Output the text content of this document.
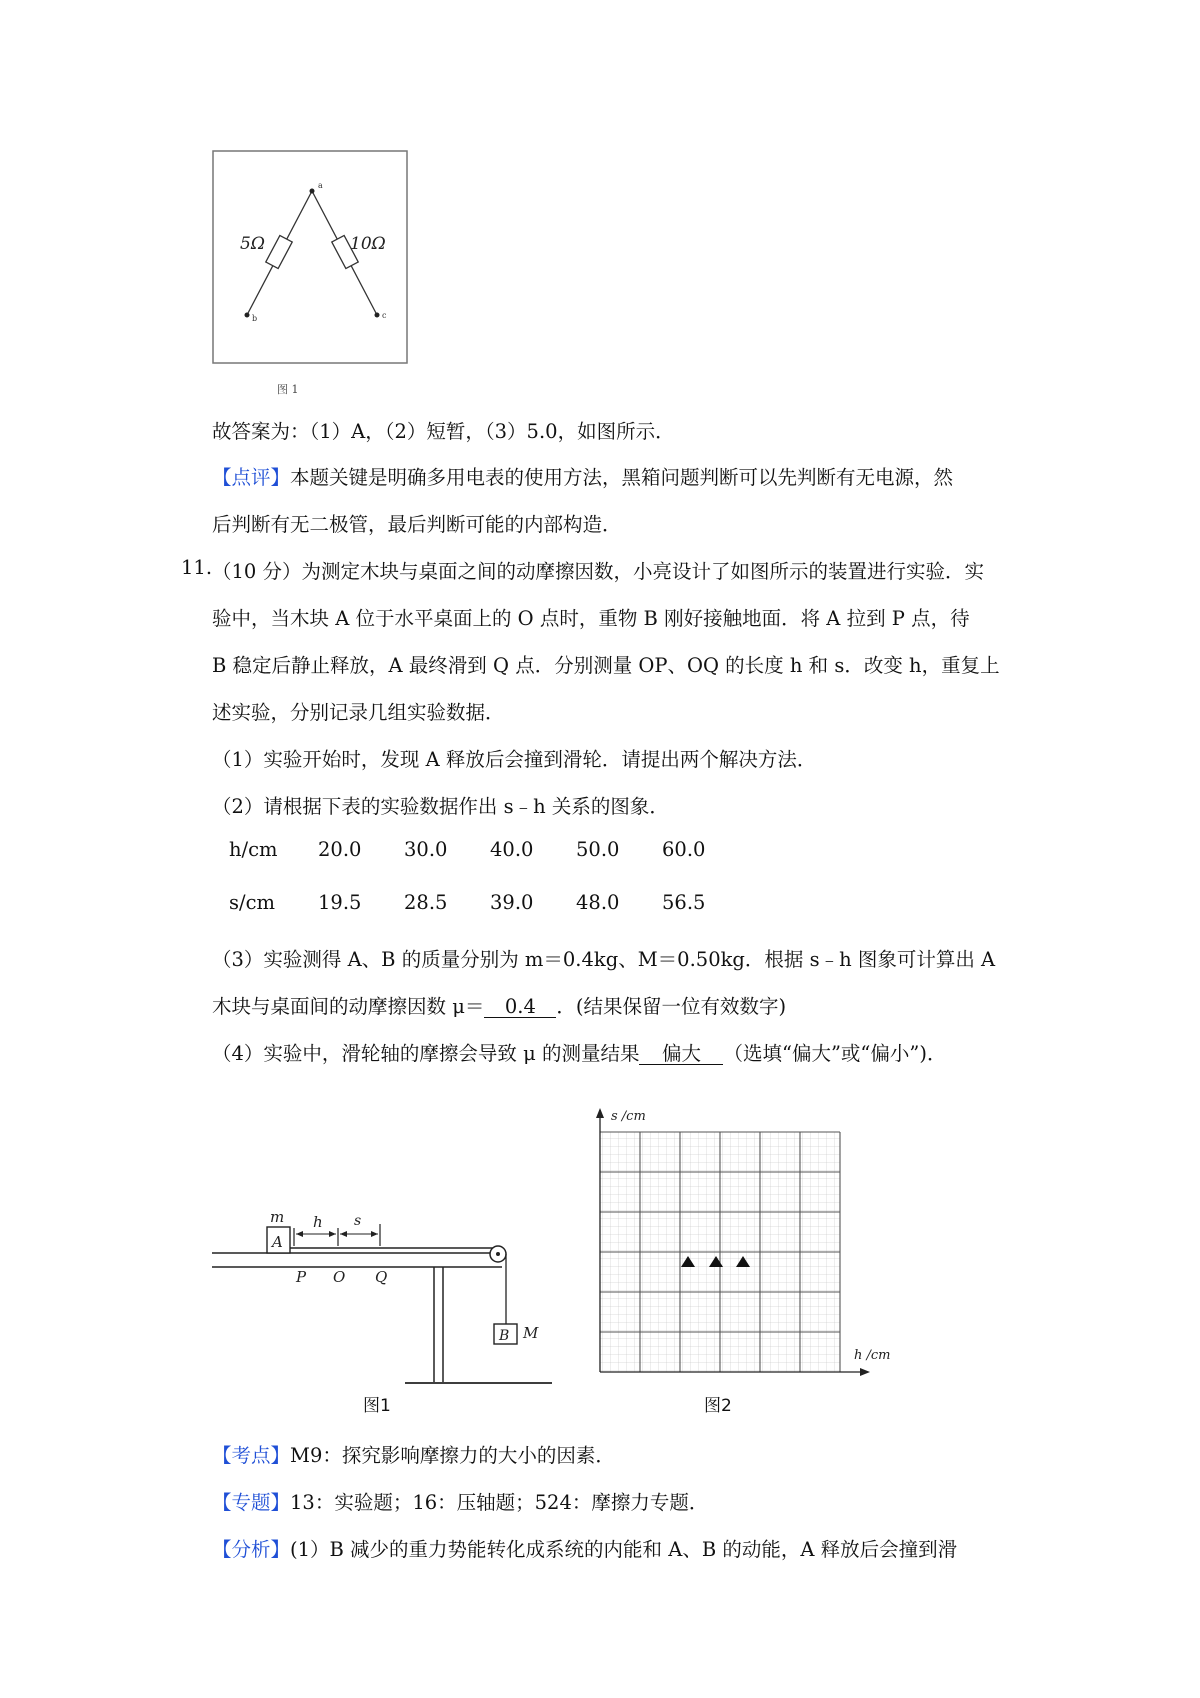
a
b	c
5Ω	10Ω
图 1
故答案为：（1）A，（2）短暂，（3）5.0，如图所示．
【点评】本题关键是明确多用电表的使用方法，黑箱问题判断可以先判断有无电源，然
后判断有无二极管，最后判断可能的内部构造．
11. （10 分）为测定木块与桌面之间的动摩擦因数，小亮设计了如图所示的装置进行实验．实
验中，当木块 A 位于水平桌面上的 O 点时，重物 B 刚好接触地面．将 A 拉到 P 点，待
B 稳定后静止释放，A 最终滑到 Q 点．分别测量 OP、OQ 的长度 h 和 s．改变 h，重复上
述实验，分别记录几组实验数据．
（1）实验开始时，发现 A 释放后会撞到滑轮．请提出两个解决方法．
（2）请根据下表的实验数据作出 s﹣h 关系的图象．
h/cm 20.0 30.0 40.0 50.0 60.0
s/cm 19.5 28.5 39.0 48.0 56.5
（3）实验测得 A、B 的质量分别为 m＝0.4kg、M＝0.50kg．根据 s﹣h 图象可计算出 A
木块与桌面间的动摩擦因数 μ＝ 0.4 ．(结果保留一位有效数字)
（4）实验中，滑轮轴的摩擦会导致 μ 的测量结果 偏大 （选填“偏大”或“偏小”)．
m h s
A
P O Q
B M
图1
s /cm
h /cm
图2
【考点】M9：探究影响摩擦力的大小的因素．
【专题】13：实验题；16：压轴题；524：摩擦力专题．
【分析】(1）B 减少的重力势能转化成系统的内能和 A、B 的动能，A 释放后会撞到滑
